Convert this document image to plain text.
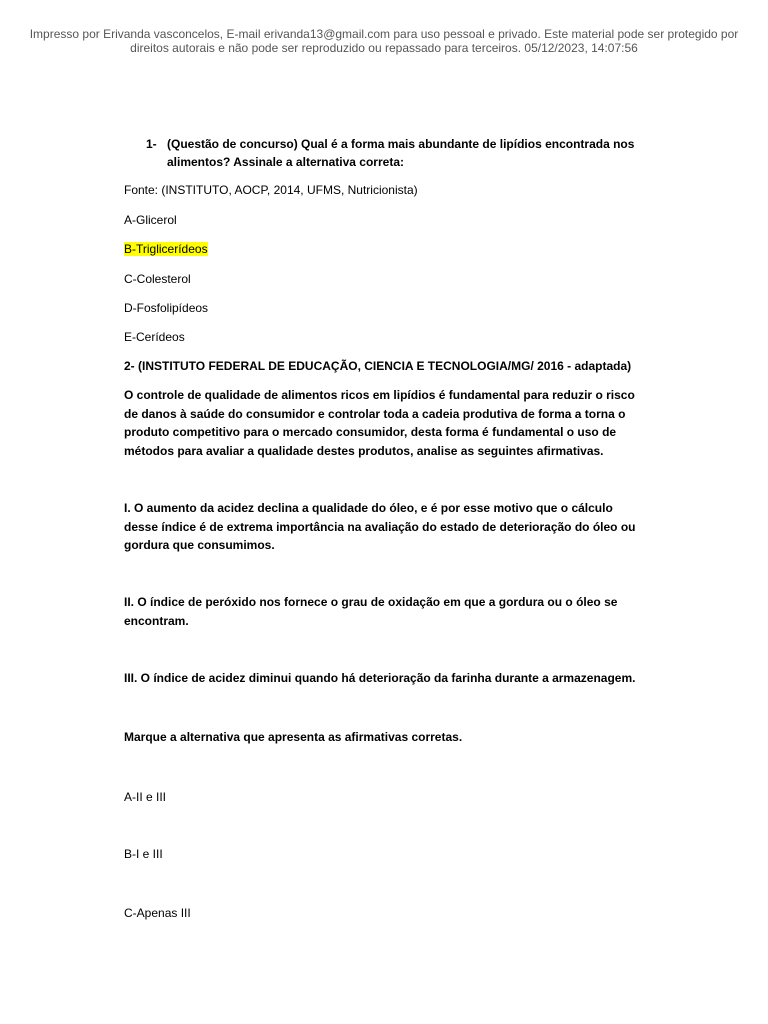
Impresso por Erivanda vasconcelos, E-mail erivanda13@gmail.com para uso pessoal e privado. Este material pode ser protegido por
direitos autorais e não pode ser reproduzido ou repassado para terceiros. 05/12/2023, 14:07:56
1- (Questão de concurso) Qual é a forma mais abundante de lipídios encontrada nos alimentos? Assinale a alternativa correta:
Fonte: (INSTITUTO, AOCP, 2014, UFMS, Nutricionista)
A-Glicerol
B-Triglicerídeos
C-Colesterol
D-Fosfolipídeos
E-Cerídeos
2- (INSTITUTO FEDERAL DE EDUCAÇÃO, CIENCIA E TECNOLOGIA/MG/ 2016 - adaptada)
O controle de qualidade de alimentos ricos em lipídios é fundamental para reduzir o risco de danos à saúde do consumidor e controlar toda a cadeia produtiva de forma a torna o produto competitivo para o mercado consumidor, desta forma é fundamental o uso de métodos para avaliar a qualidade destes produtos, analise as seguintes afirmativas.
I. O aumento da acidez declina a qualidade do óleo, e é por esse motivo que o cálculo desse índice é de extrema importância na avaliação do estado de deterioração do óleo ou gordura que consumimos.
II. O índice de peróxido nos fornece o grau de oxidação em que a gordura ou o óleo se encontram.
III. O índice de acidez diminui quando há deterioração da farinha durante a armazenagem.
Marque a alternativa que apresenta as afirmativas corretas.
A-II e III
B-I e III
C-Apenas III
